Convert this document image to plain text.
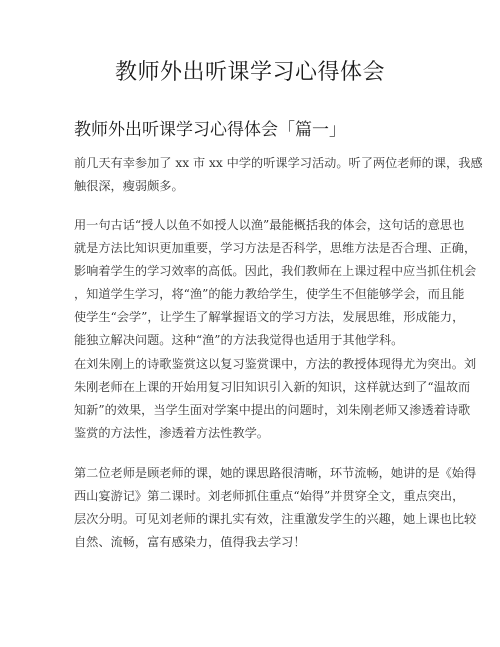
教师外出听课学习心得体会
教师外出听课学习心得体会「篇一」

前几天有幸参加了 xx 市 xx 中学的听课学习活动。听了两位老师的课，我感
触很深，瘦弱颇多。

用一句古话“授人以鱼不如授人以渔”最能概括我的体会，这句话的意思也
就是方法比知识更加重要，学习方法是否科学，思维方法是否合理、正确，
影响着学生的学习效率的高低。因此，我们教师在上课过程中应当抓住机会
，知道学生学习，将“渔”的能力教给学生，使学生不但能够学会，而且能
使学生“会学”，让学生了解掌握语文的学习方法，发展思维，形成能力，
能独立解决问题。这种“渔”的方法我觉得也适用于其他学科。

在刘朱刚上的诗歌鉴赏这以复习鉴赏课中，方法的教授体现得尤为突出。刘
朱刚老师在上课的开始用复习旧知识引入新的知识，这样就达到了“温故而
知新”的效果，当学生面对学案中提出的问题时，刘朱刚老师又渗透着诗歌
鉴赏的方法性，渗透着方法性教学。

第二位老师是顾老师的课，她的课思路很清晰，环节流畅，她讲的是《始得
西山宴游记》第二课时。刘老师抓住重点“始得”并贯穿全文，重点突出，
层次分明。可见刘老师的课扎实有效，注重激发学生的兴趣，她上课也比较
自然、流畅，富有感染力，值得我去学习！
